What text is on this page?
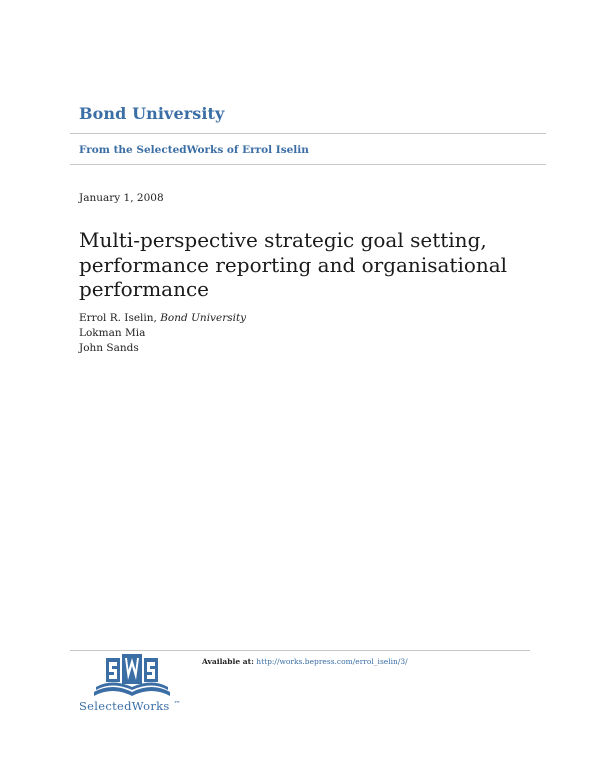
Bond University
From the SelectedWorks of Errol Iselin
January 1, 2008
Multi-perspective strategic goal setting, performance reporting and organisational performance
Errol R. Iselin, Bond University
Lokman Mia
John Sands
Available at: http://works.bepress.com/errol_iselin/3/
SelectedWorks ™
